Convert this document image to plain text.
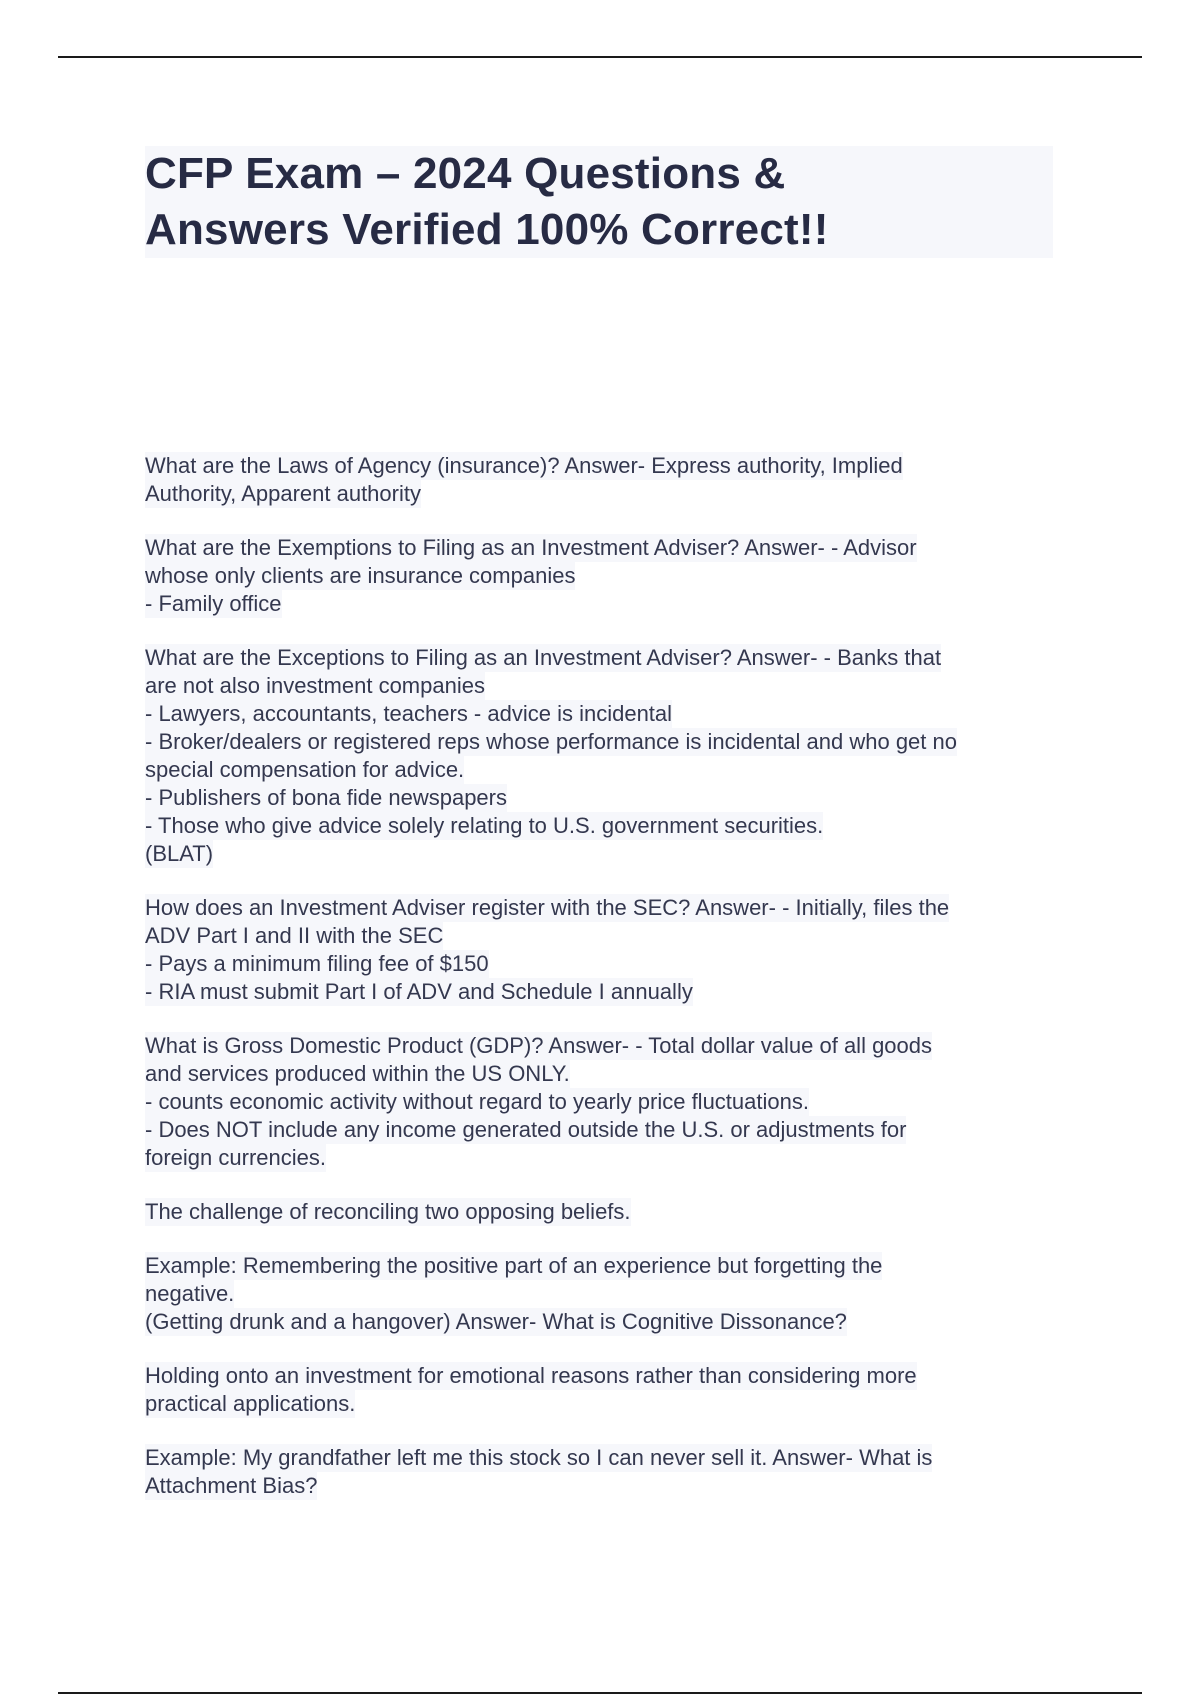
CFP Exam – 2024 Questions &
Answers Verified 100% Correct!!
What are the Laws of Agency (insurance)? Answer- Express authority, Implied
Authority, Apparent authority
What are the Exemptions to Filing as an Investment Adviser? Answer- - Advisor
whose only clients are insurance companies
- Family office
What are the Exceptions to Filing as an Investment Adviser? Answer- - Banks that
are not also investment companies
- Lawyers, accountants, teachers - advice is incidental
- Broker/dealers or registered reps whose performance is incidental and who get no
special compensation for advice.
- Publishers of bona fide newspapers
- Those who give advice solely relating to U.S. government securities.
(BLAT)
How does an Investment Adviser register with the SEC? Answer- - Initially, files the
ADV Part I and II with the SEC
- Pays a minimum filing fee of $150
- RIA must submit Part I of ADV and Schedule I annually
What is Gross Domestic Product (GDP)? Answer- - Total dollar value of all goods
and services produced within the US ONLY.
- counts economic activity without regard to yearly price fluctuations.
- Does NOT include any income generated outside the U.S. or adjustments for
foreign currencies.
The challenge of reconciling two opposing beliefs.
Example: Remembering the positive part of an experience but forgetting the
negative.
(Getting drunk and a hangover) Answer- What is Cognitive Dissonance?
Holding onto an investment for emotional reasons rather than considering more
practical applications.
Example: My grandfather left me this stock so I can never sell it. Answer- What is
Attachment Bias?
